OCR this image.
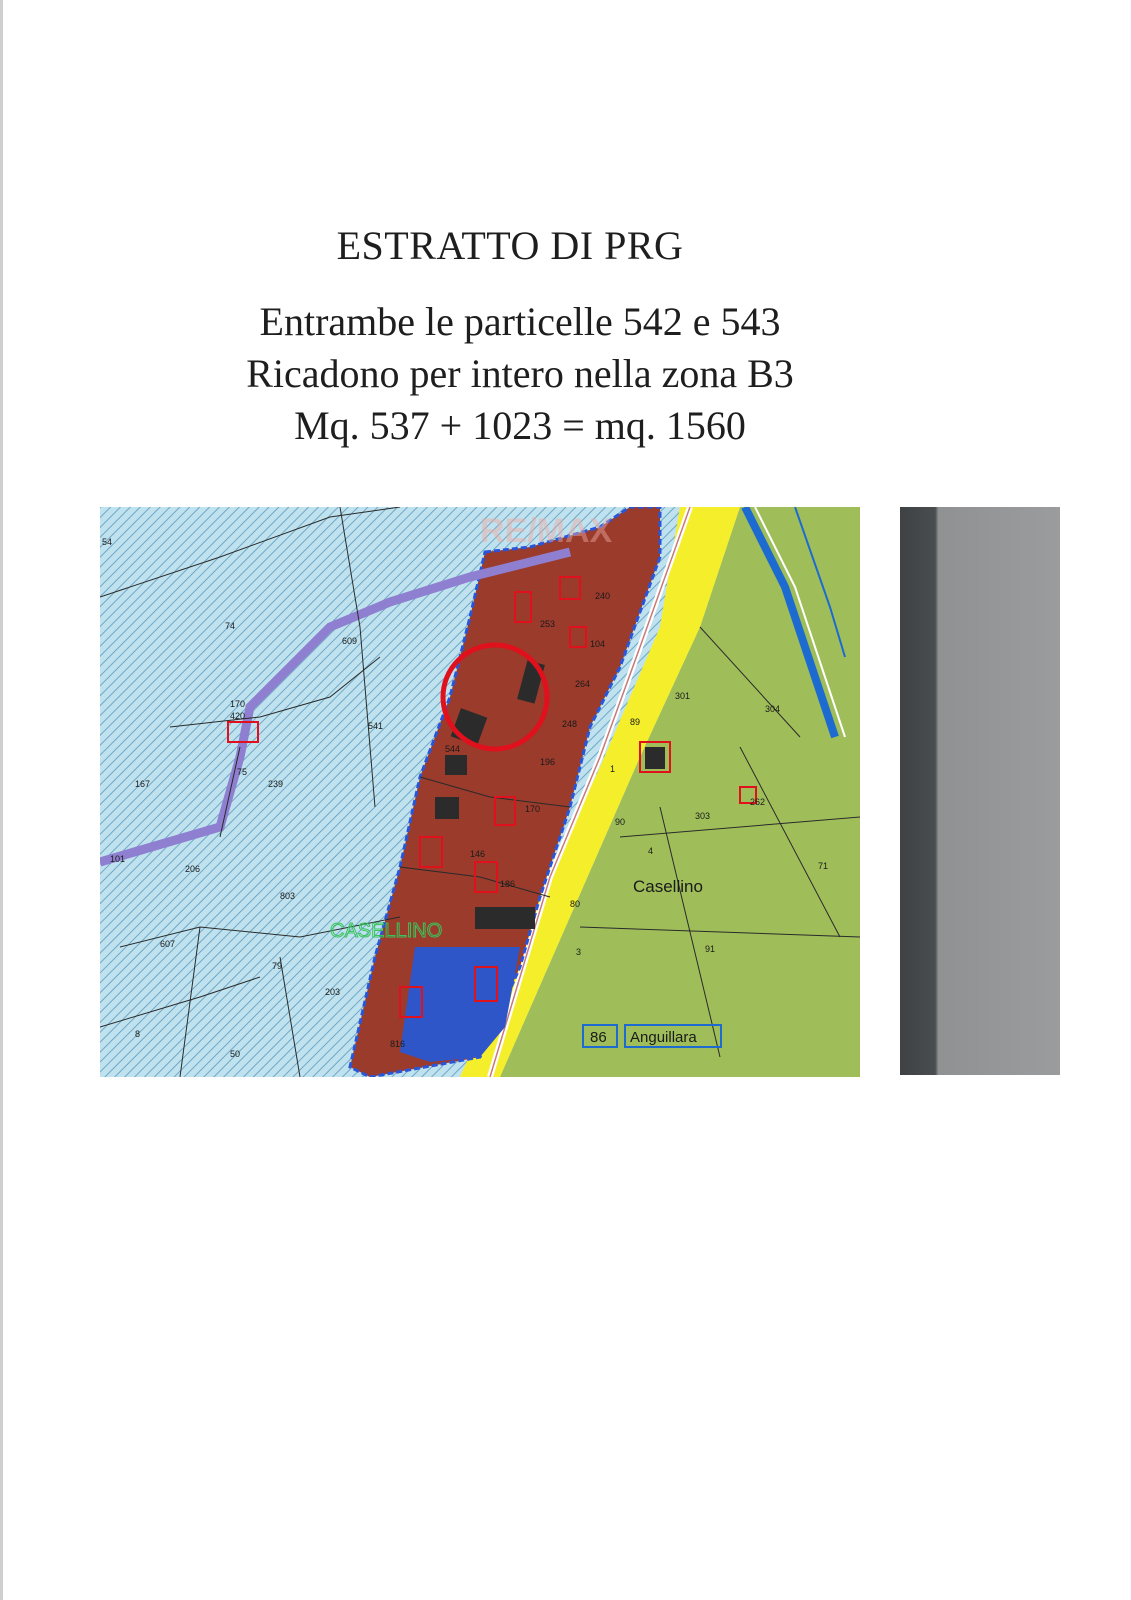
ESTRATTO DI PRG
Entrambe le particelle 542 e 543
Ricadono per intero nella zona B3
Mq. 537 + 1023 = mq. 1560
RE/MAX
54
74
609
170
420
541
167
75
239
101
206
803
607
79
203
8
50
240
253
104
264
248
196
544
170
146
186
80
1
89
90
3
301
304
303
262
71
4
91
816
CASELLINO
Casellino
86 Anguillara
